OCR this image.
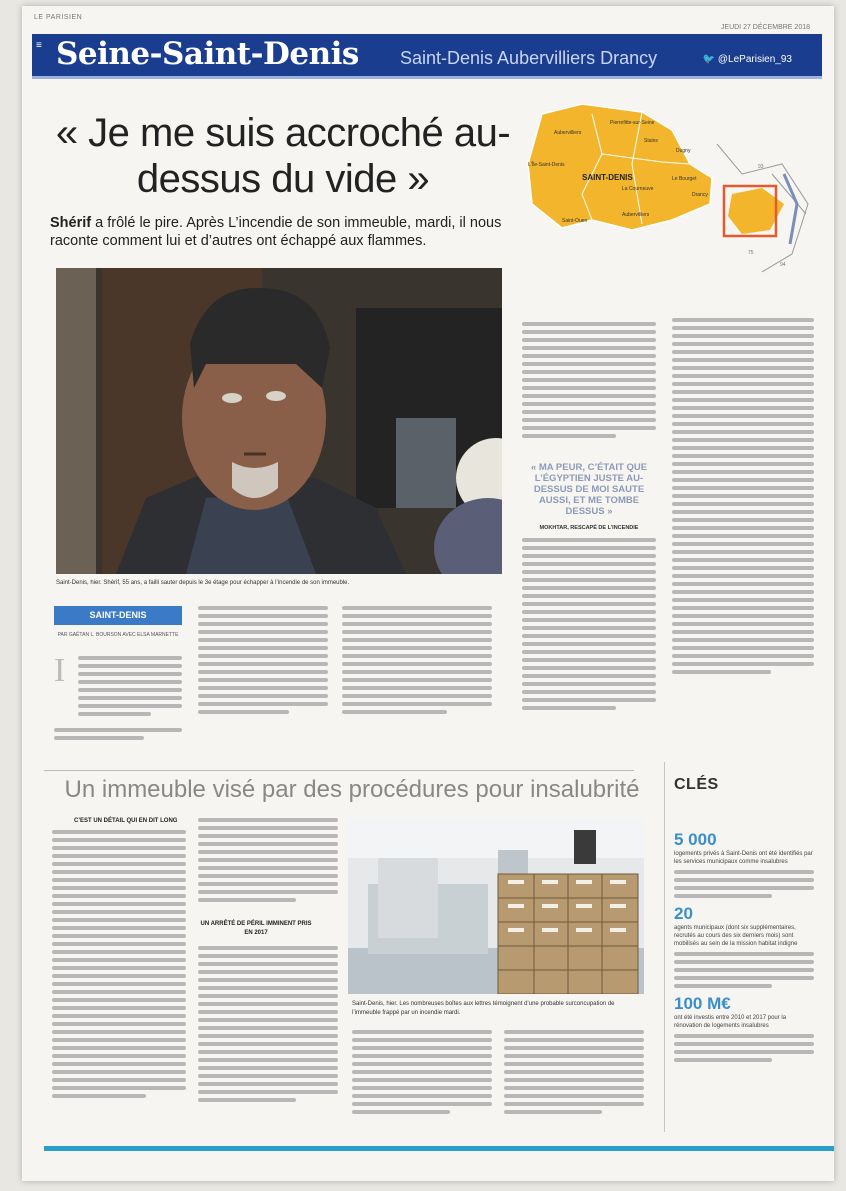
LE PARISIEN
JEUDI 27 DÉCEMBRE 2018
≡ Seine-Saint-Denis Saint-Denis Aubervilliers Drancy	🐦 @LeParisien_93
« Je me suis accroché au-dessus du vide »
Shérif a frôlé le pire. Après L’incendie de son immeuble, mardi, il nous raconte comment lui et d’autres ont échappé aux flammes.
Aubervilliers
Pierrefitte-sur-Seine
Stains
Dugny
L'Île-Saint-Denis
SAINT-DENIS
La Courneuve
Le Bourget
Drancy
Saint-Ouen
Aubervilliers
93
75
94
Saint-Denis, hier. Shérif, 55 ans, a failli sauter depuis le 3e étage pour échapper à l’incendie de son immeuble.
SAINT-DENIS
PAR GAËTAN L. BOURSON AVEC ELSA MARNETTE
I
« MA PEUR, C’ÉTAIT QUE L’ÉGYPTIEN JUSTE AU-DESSUS DE MOI SAUTE AUSSI, ET ME TOMBE DESSUS »
MOKHTAR, RESCAPÉ DE L’INCENDIE
Un immeuble visé par des procédures pour insalubrité
C’EST UN DÉTAIL QUI EN DIT LONG
UN ARRÊTÉ DE PÉRIL IMMINENT PRIS EN 2017
Saint-Denis, hier. Les nombreuses boîtes aux lettres témoignent d’une probable surconcupation de l’immeuble frappé par un incendie mardi.
CLÉS
5 000
logements privés à Saint-Denis ont été identifiés par les services municipaux comme insalubres
20
agents municipaux (dont six supplémentaires, recrutés au cours des six derniers mois) sont mobilisés au sein de la mission habitat indigne
100 M€
ont été investis entre 2010 et 2017 pour la rénovation de logements insalubres
